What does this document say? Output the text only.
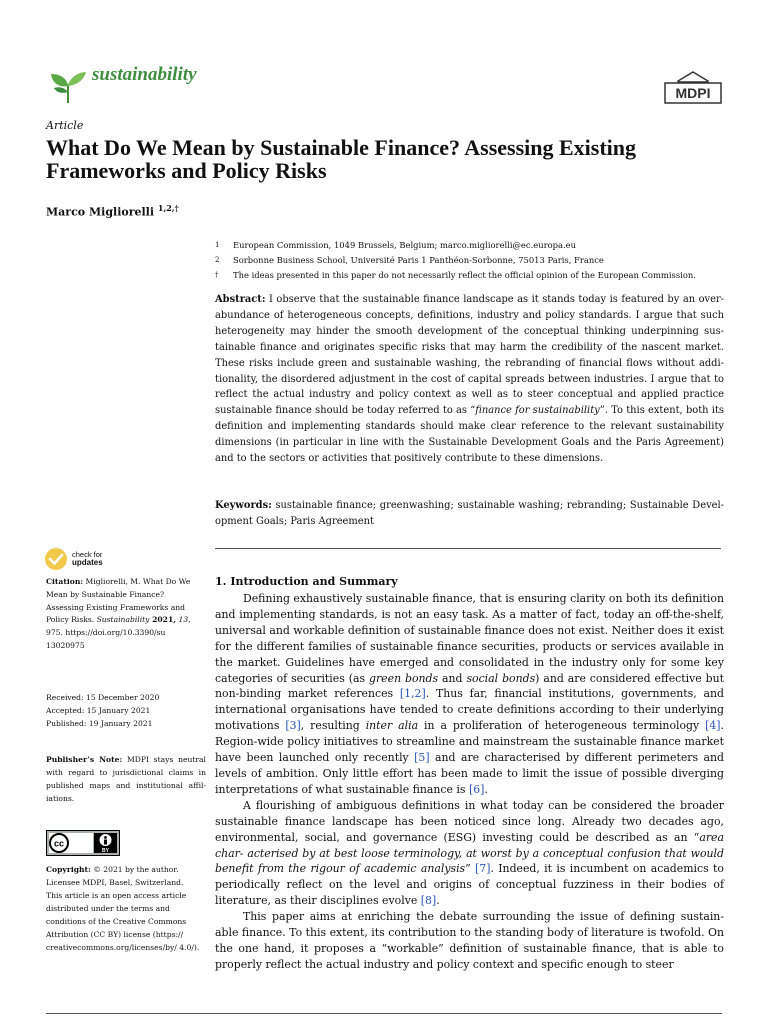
sustainability
MDPI
Article
What Do We Mean by Sustainable Finance? Assessing Existing Frameworks and Policy Risks
Marco Migliorelli $^{1,2,\dagger}$
1	European Commission, 1049 Brussels, Belgium; marco.migliorelli@ec.europa.eu
2	Sorbonne Business School, Université Paris 1 Panthéon-Sorbonne, 75013 Paris, France
†	The ideas presented in this paper do not necessarily reflect the official opinion of the European Commission.
Abstract: I observe that the sustainable finance landscape as it stands today is featured by an over- abundance of heterogeneous concepts, definitions, industry and policy standards. I argue that such heterogeneity may hinder the smooth development of the conceptual thinking underpinning sus- tainable finance and originates specific risks that may harm the credibility of the nascent market. These risks include green and sustainable washing, the rebranding of financial flows without addi- tionality, the disordered adjustment in the cost of capital spreads between industries. I argue that to reflect the actual industry and policy context as well as to steer conceptual and applied practice sustainable finance should be today referred to as “finance for sustainability”. To this extent, both its definition and implementing standards should make clear reference to the relevant sustainability dimensions (in particular in line with the Sustainable Development Goals and the Paris Agreement) and to the sectors or activities that positively contribute to these dimensions.
Keywords: sustainable finance; greenwashing; sustainable washing; rebranding; Sustainable Devel- opment Goals; Paris Agreement
check for
updates
Citation: Migliorelli, M. What Do We Mean by Sustainable Finance? Assessing Existing Frameworks and Policy Risks. Sustainability 2021, 13, 975. https://doi.org/10.3390/su 13020975
Received: 15 December 2020
Accepted: 15 January 2021
Published: 19 January 2021
Publisher’s Note: MDPI stays neutral with regard to jurisdictional claims in published maps and institutional affil- iations.
cc
BY
Copyright: © 2021 by the author. Licensee MDPI, Basel, Switzerland. This article is an open access article distributed under the terms and conditions of the Creative Commons Attribution (CC BY) license (https:// creativecommons.org/licenses/by/ 4.0/).
1. Introduction and Summary

Defining exhaustively sustainable finance, that is ensuring clarity on both its definition and implementing standards, is not an easy task. As a matter of fact, today an off-the-shelf, universal and workable definition of sustainable finance does not exist. Neither does it exist for the different families of sustainable finance securities, products or services available in the market. Guidelines have emerged and consolidated in the industry only for some key categories of securities (as green bonds and social bonds) and are considered effective but non-binding market references [1,2]. Thus far, financial institutions, governments, and international organisations have tended to create definitions according to their underlying motivations [3], resulting inter alia in a proliferation of heterogeneous terminology [4]. Region-wide policy initiatives to streamline and mainstream the sustainable finance market have been launched only recently [5] and are characterised by different perimeters and levels of ambition. Only little effort has been made to limit the issue of possible diverging interpretations of what sustainable finance is [6].

A flourishing of ambiguous definitions in what today can be considered the broader sustainable finance landscape has been noticed since long. Already two decades ago, environmental, social, and governance (ESG) investing could be described as an “area char- acterised by at best loose terminology, at worst by a conceptual confusion that would benefit from the rigour of academic analysis” [7]. Indeed, it is incumbent on academics to periodically reflect on the level and origins of conceptual fuzziness in their bodies of literature, as their disciplines evolve [8].

This paper aims at enriching the debate surrounding the issue of defining sustain- able finance. To this extent, its contribution to the standing body of literature is twofold. On the one hand, it proposes a “workable” definition of sustainable finance, that is able to properly reflect the actual industry and policy context and specific enough to steer
